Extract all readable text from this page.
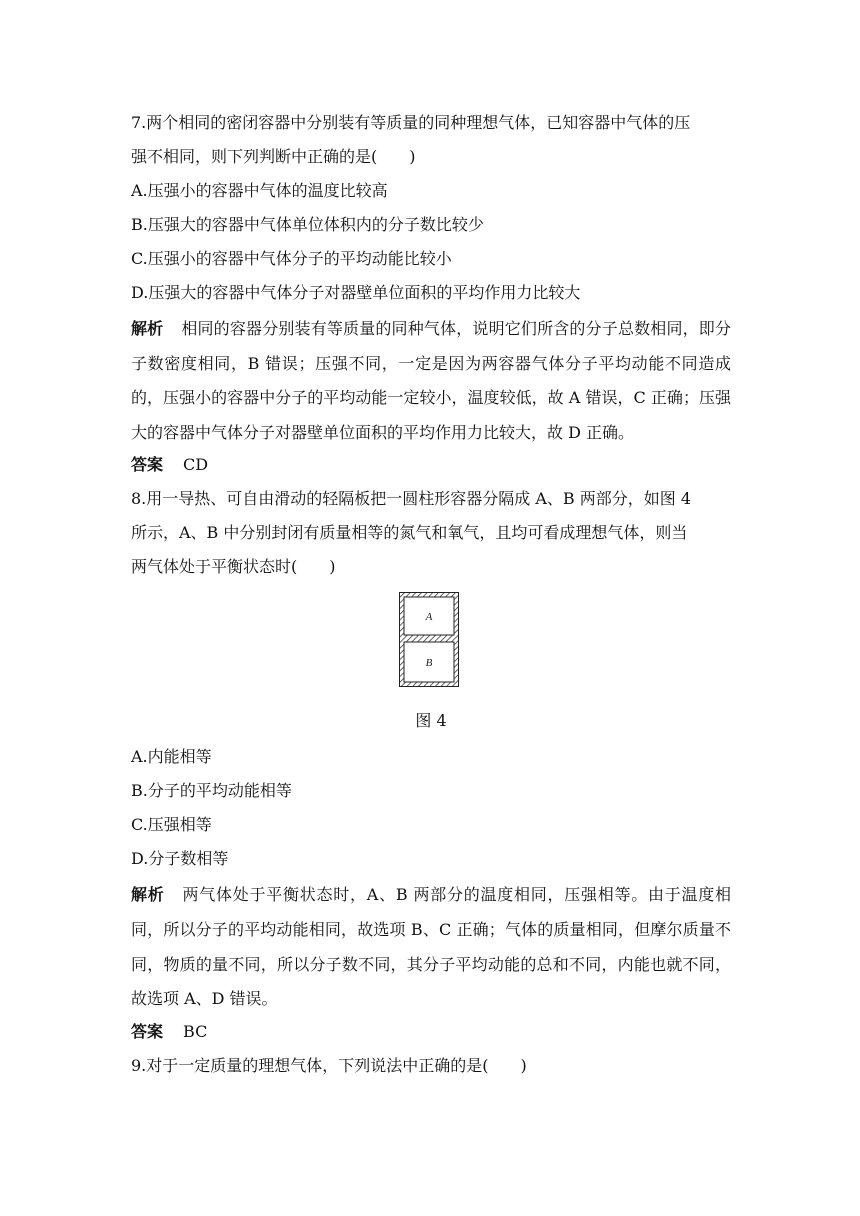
7.两个相同的密闭容器中分别装有等质量的同种理想气体，已知容器中气体的压
强不相同，则下列判断中正确的是(　　)
A.压强小的容器中气体的温度比较高
B.压强大的容器中气体单位体积内的分子数比较少
C.压强小的容器中气体分子的平均动能比较小
D.压强大的容器中气体分子对器壁单位面积的平均作用力比较大
解析 相同的容器分别装有等质量的同种气体，说明它们所含的分子总数相同，即分子数密度相同，B 错误；压强不同，一定是因为两容器气体分子平均动能不同造成的，压强小的容器中分子的平均动能一定较小，温度较低，故 A 错误，C 正确；压强大的容器中气体分子对器壁单位面积的平均作用力比较大，故 D 正确。
答案 CD
8.用一导热、可自由滑动的轻隔板把一圆柱形容器分隔成 A、B 两部分，如图 4
所示，A、B 中分别封闭有质量相等的氮气和氧气，且均可看成理想气体，则当
两气体处于平衡状态时(　　)
A
B
图 4
A.内能相等
B.分子的平均动能相等
C.压强相等
D.分子数相等
解析 两气体处于平衡状态时，A、B 两部分的温度相同，压强相等。由于温度相同，所以分子的平均动能相同，故选项 B、C 正确；气体的质量相同，但摩尔质量不同，物质的量不同，所以分子数不同，其分子平均动能的总和不同，内能也就不同，故选项 A、D 错误。
答案 BC
9.对于一定质量的理想气体，下列说法中正确的是(　　)
